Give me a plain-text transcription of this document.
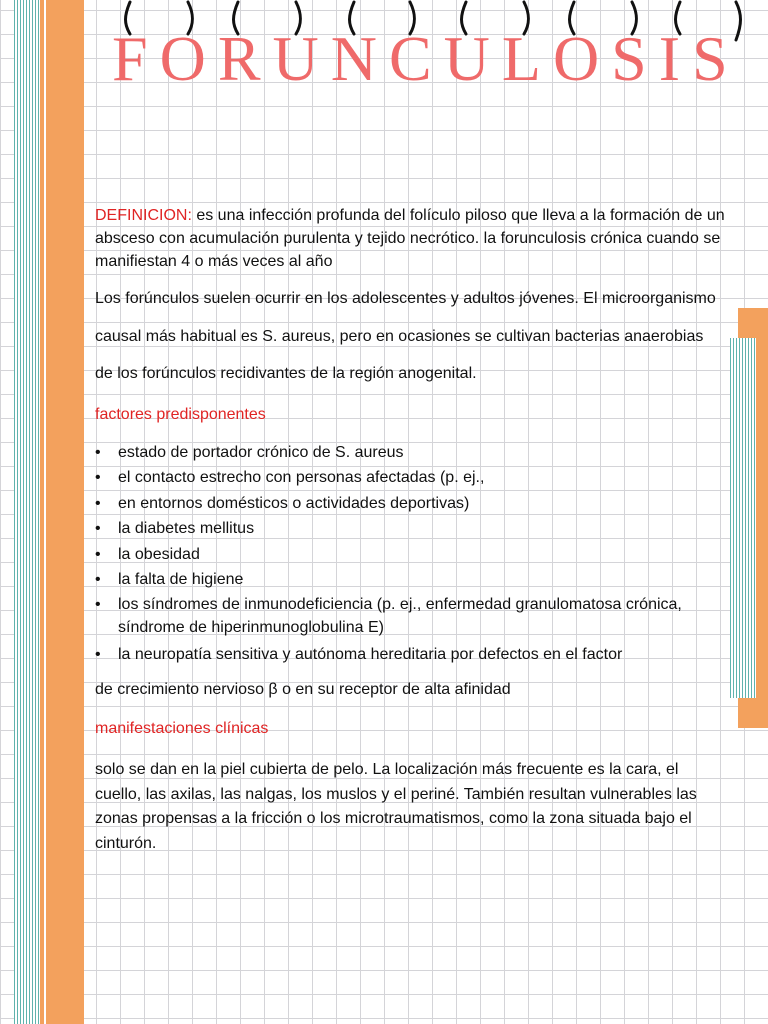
FORUNCULOSIS

DEFINICION: es una infección profunda del folículo piloso que lleva a la formación de un absceso con acumulación purulenta y tejido necrótico. la forunculosis crónica cuando se manifiestan 4 o más veces al año

Los forúnculos suelen ocurrir en los adolescentes y adultos jóvenes. El microorganismo causal más habitual es S. aureus, pero en ocasiones se cultivan bacterias anaerobias de los forúnculos recidivantes de la región anogenital.

factores predisponentes

• estado de portador crónico de S. aureus
• el contacto estrecho con personas afectadas (p. ej.,
• en entornos domésticos o actividades deportivas)
• la diabetes mellitus
• la obesidad
• la falta de higiene
• los síndromes de inmunodeficiencia (p. ej., enfermedad granulomatosa crónica, síndrome de hiperinmunoglobulina E)
• la neuropatía sensitiva y autónoma hereditaria por defectos en el factor

de crecimiento nervioso β o en su receptor de alta afinidad

manifestaciones clínicas

solo se dan en la piel cubierta de pelo. La localización más frecuente es la cara, el cuello, las axilas, las nalgas, los muslos y el periné. También resultan vulnerables las zonas propensas a la fricción o los microtraumatismos, como la zona situada bajo el cinturón.
